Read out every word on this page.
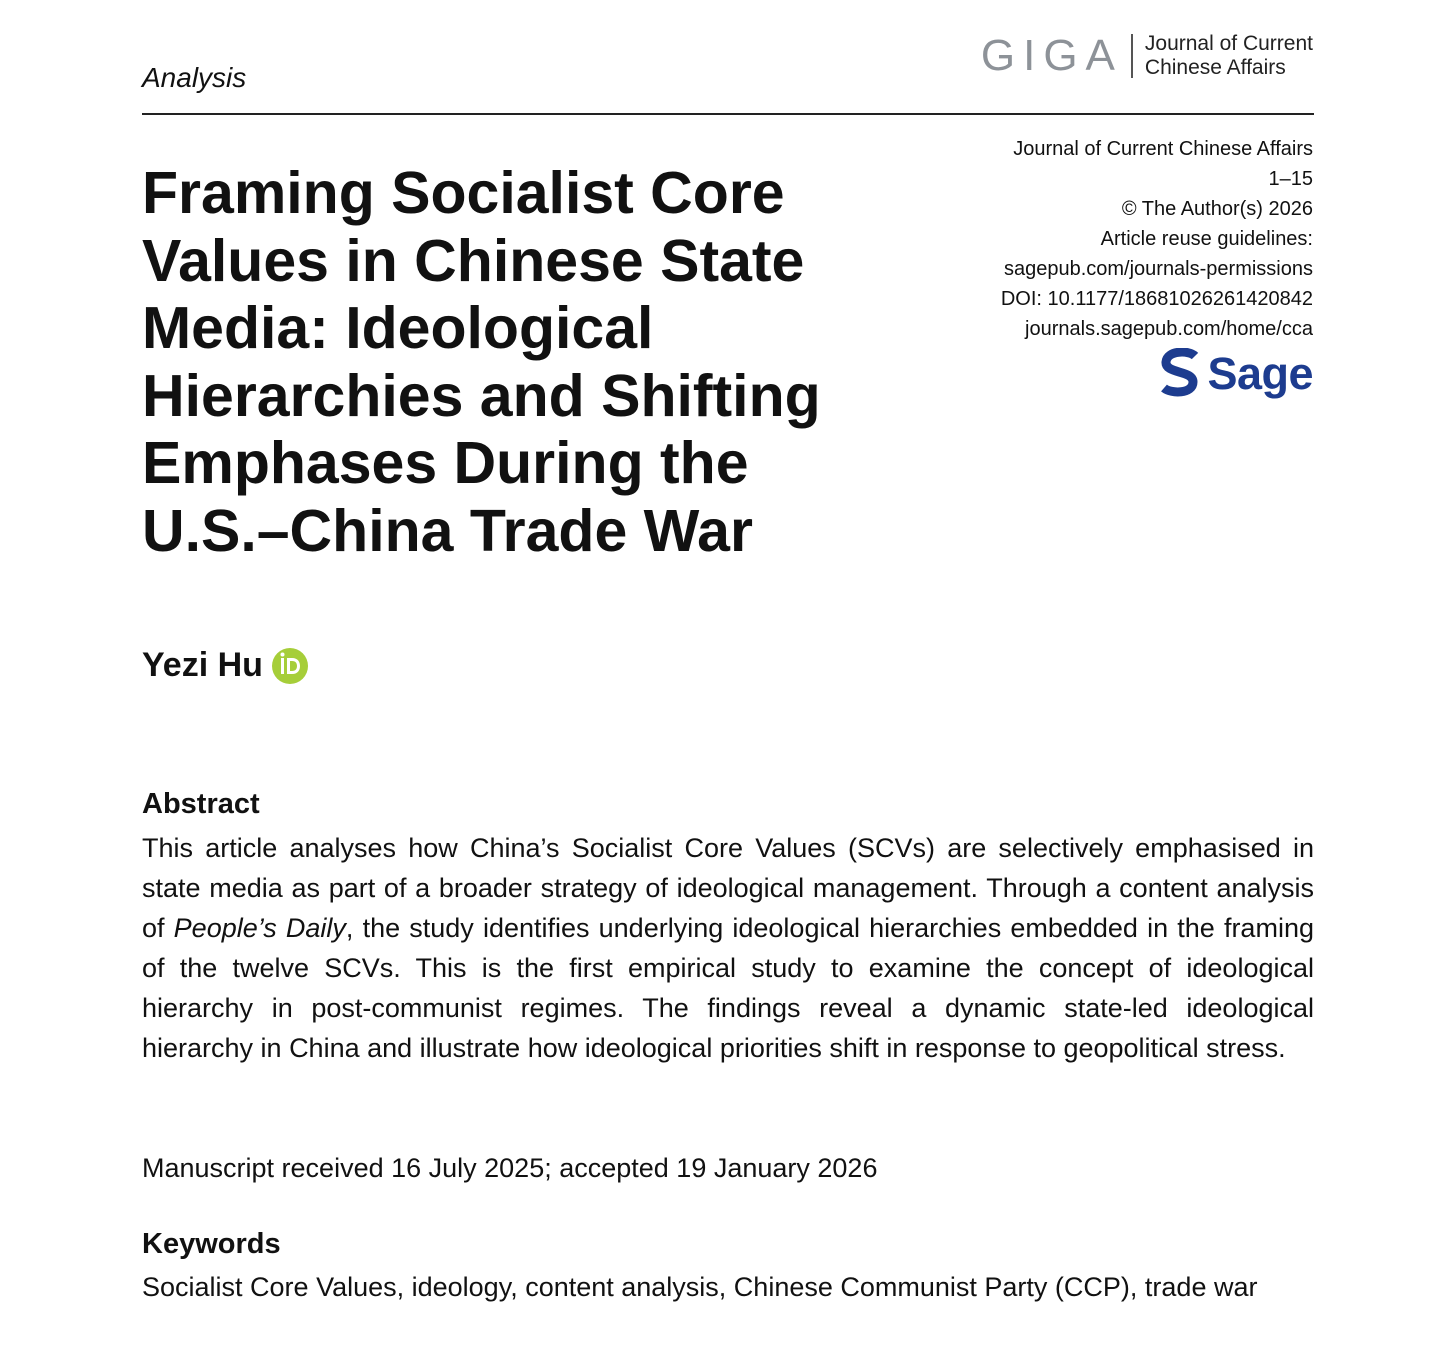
Analysis	GIGA Journal of Current
Chinese Affairs
Journal of Current Chinese Affairs
1–15
© The Author(s) 2026
Article reuse guidelines:
sagepub.com/journals-permissions
DOI: 10.1177/18681026261420842
journals.sagepub.com/home/cca
Sage
Framing Socialist Core Values in Chinese State Media: Ideological Hierarchies and Shifting Emphases During the U.S.–China Trade War
Yezi Hu
Abstract

This article analyses how China’s Socialist Core Values (SCVs) are selectively emphasised in state media as part of a broader strategy of ideological management. Through a content analysis of People’s Daily, the study identifies underlying ideological hierarchies embedded in the framing of the twelve SCVs. This is the first empirical study to examine the concept of ideological hierarchy in post-communist regimes. The findings reveal a dynamic state-led ideological hierarchy in China and illustrate how ideological priorities shift in response to geopolitical stress.

Manuscript received 16 July 2025; accepted 19 January 2026
Keywords
Socialist Core Values, ideology, content analysis, Chinese Communist Party (CCP), trade war
